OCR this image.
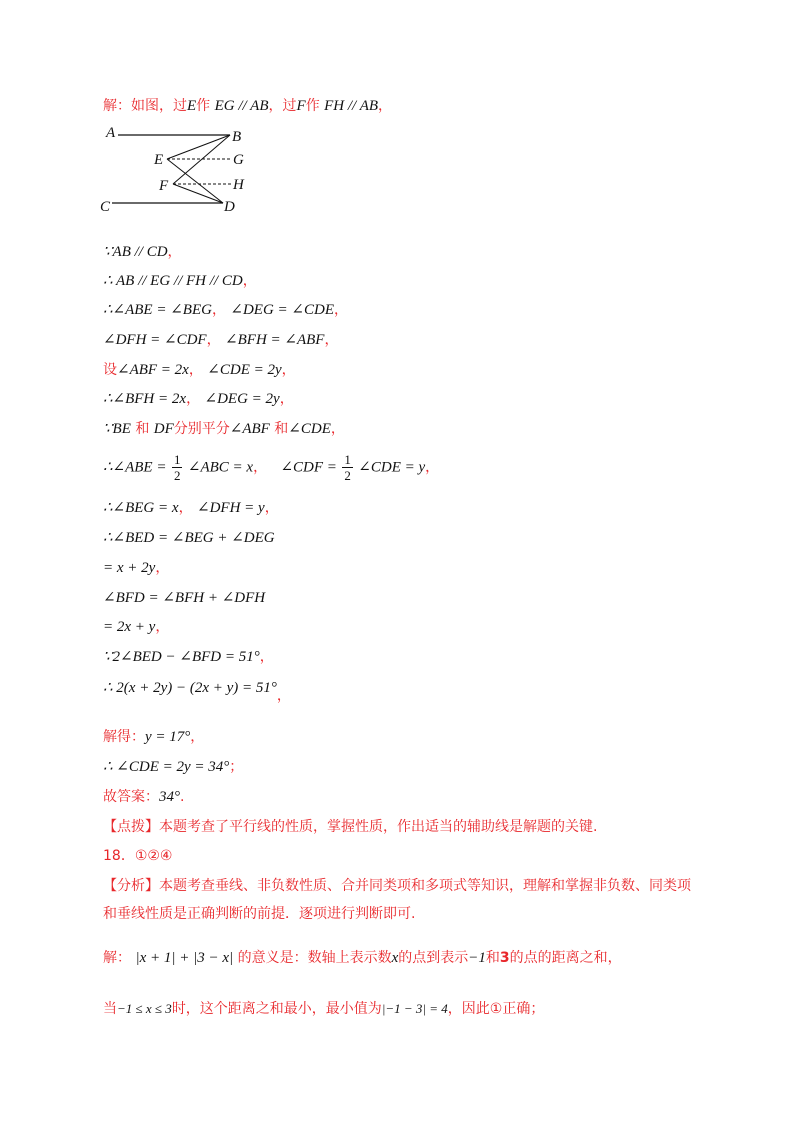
解：如图，过E作 EG // AB，过F作 FH // AB，
A	B
E	G
F	H
C	D
∵AB // CD，
∴ AB // EG // FH // CD，
∴∠ABE = ∠BEG， ∠DEG = ∠CDE，
∠DFH = ∠CDF， ∠BFH = ∠ABF，
设∠ABF = 2x， ∠CDE = 2y，
∴∠BFH = 2x， ∠DEG = 2y，
∵BE 和 DF分别平分∠ABF 和∠CDE，
∴∠ABE = $\frac{1}{2}$ ∠ABC = x， ∠CDF = $\frac{1}{2}$ ∠CDE = y，
∴∠BEG = x， ∠DFH = y，
∴∠BED = ∠BEG + ∠DEG
= x + 2y，
∠BFD = ∠BFH + ∠DFH
= 2x + y，
∵2∠BED − ∠BFD = 51°，
∴ 2(x + 2y) − (2x + y) = 51°，
解得：y = 17°，
∴ ∠CDE = 2y = 34°；
故答案：34°.
【点拨】本题考查了平行线的性质，掌握性质，作出适当的辅助线是解题的关键.
18．①②④
【分析】本题考查垂线、非负数性质、合并同类项和多项式等知识，理解和掌握非负数、同类项和垂线性质是正确判断的前提．逐项进行判断即可.
解： |x + 1| + |3 − x| 的意义是：数轴上表示数x的点到表示−1和3的点的距离之和，
当−1 ≤ x ≤ 3时，这个距离之和最小，最小值为|−1 − 3| = 4，因此①正确；
